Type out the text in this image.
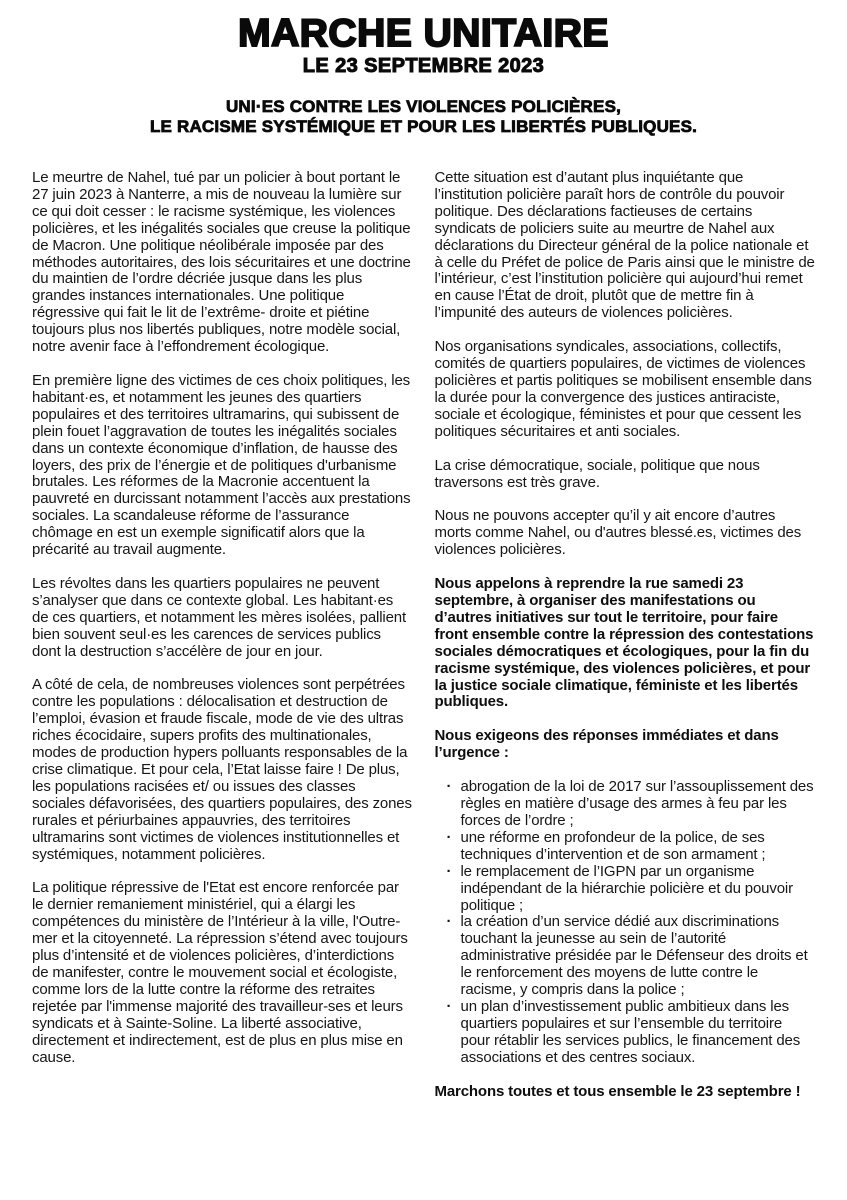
MARCHE UNITAIRE
LE 23 SEPTEMBRE 2023
UNI·ES CONTRE LES VIOLENCES POLICIÈRES,
LE RACISME SYSTÉMIQUE ET POUR LES LIBERTÉS PUBLIQUES.

Le meurtre de Nahel, tué par un policier à bout portant le 27 juin 2023 à Nanterre, a mis de nouveau la lumière sur ce qui doit cesser : le racisme systémique, les violences policières, et les inégalités sociales que creuse la politique de Macron. Une politique néolibérale imposée par des méthodes autoritaires, des lois sécuritaires et une doctrine du maintien de l’ordre décriée jusque dans les plus grandes instances internationales. Une politique régressive qui fait le lit de l’extrême- droite et piétine toujours plus nos libertés publiques, notre modèle social, notre avenir face à l’effondrement écologique.

En première ligne des victimes de ces choix politiques, les habitant·es, et notamment les jeunes des quartiers populaires et des territoires ultramarins, qui subissent de plein fouet l’aggravation de toutes les inégalités sociales dans un contexte économique d’inflation, de hausse des loyers, des prix de l’énergie et de politiques d'urbanisme brutales. Les réformes de la Macronie accentuent la pauvreté en durcissant notamment l’accès aux prestations sociales. La scandaleuse réforme de l’assurance chômage en est un exemple significatif alors que la précarité au travail augmente.

Les révoltes dans les quartiers populaires ne peuvent s’analyser que dans ce contexte global. Les habitant·es de ces quartiers, et notamment les mères isolées, pallient bien souvent seul·es les carences de services publics dont la destruction s’accélère de jour en jour.

A côté de cela, de nombreuses violences sont perpétrées contre les populations : délocalisation et destruction de l’emploi, évasion et fraude fiscale, mode de vie des ultras riches écocidaire, supers profits des multinationales, modes de production hypers polluants responsables de la crise climatique. Et pour cela, l’Etat laisse faire ! De plus, les populations racisées et/ ou issues des classes sociales défavorisées, des quartiers populaires, des zones rurales et périurbaines appauvries, des territoires ultramarins sont victimes de violences institutionnelles et systémiques, notamment policières.

La politique répressive de l'Etat est encore renforcée par le dernier remaniement ministériel, qui a élargi les compétences du ministère de l’Intérieur à la ville, l'Outre-mer et la citoyenneté. La répression s’étend avec toujours plus d’intensité et de violences policières, d’interdictions de manifester, contre le mouvement social et écologiste, comme lors de la lutte contre la réforme des retraites rejetée par l'immense majorité des travailleur-ses et leurs syndicats et à Sainte-Soline. La liberté associative, directement et indirectement, est de plus en plus mise en cause.

Cette situation est d’autant plus inquiétante que l’institution policière paraît hors de contrôle du pouvoir politique. Des déclarations factieuses de certains syndicats de policiers suite au meurtre de Nahel aux déclarations du Directeur général de la police nationale et à celle du Préfet de police de Paris ainsi que le ministre de l’intérieur, c’est l’institution policière qui aujourd’hui remet en cause l’État de droit, plutôt que de mettre fin à l’impunité des auteurs de violences policières.

Nos organisations syndicales, associations, collectifs, comités de quartiers populaires, de victimes de violences policières et partis politiques se mobilisent ensemble dans la durée pour la convergence des justices antiraciste, sociale et écologique, féministes et pour que cessent les politiques sécuritaires et anti sociales.

La crise démocratique, sociale, politique que nous traversons est très grave.

Nous ne pouvons accepter qu’il y ait encore d’autres morts comme Nahel, ou d'autres blessé.es, victimes des violences policières.

Nous appelons à reprendre la rue samedi 23 septembre, à organiser des manifestations ou d’autres initiatives sur tout le territoire, pour faire front ensemble contre la répression des contestations sociales démocratiques et écologiques, pour la fin du racisme systémique, des violences policières, et pour la justice sociale climatique, féministe et les libertés publiques.

Nous exigeons des réponses immédiates et dans l’urgence :

· abrogation de la loi de 2017 sur l’assouplissement des règles en matière d’usage des armes à feu par les forces de l’ordre ;
· une réforme en profondeur de la police, de ses techniques d’intervention et de son armament ;
· le remplacement de l’IGPN par un organisme indépendant de la hiérarchie policière et du pouvoir politique ;
· la création d’un service dédié aux discriminations touchant la jeunesse au sein de l’autorité administrative présidée par le Défenseur des droits et le renforcement des moyens de lutte contre le racisme, y compris dans la police ;
· un plan d’investissement public ambitieux dans les quartiers populaires et sur l’ensemble du territoire pour rétablir les services publics, le financement des associations et des centres sociaux.

Marchons toutes et tous ensemble le 23 septembre !
